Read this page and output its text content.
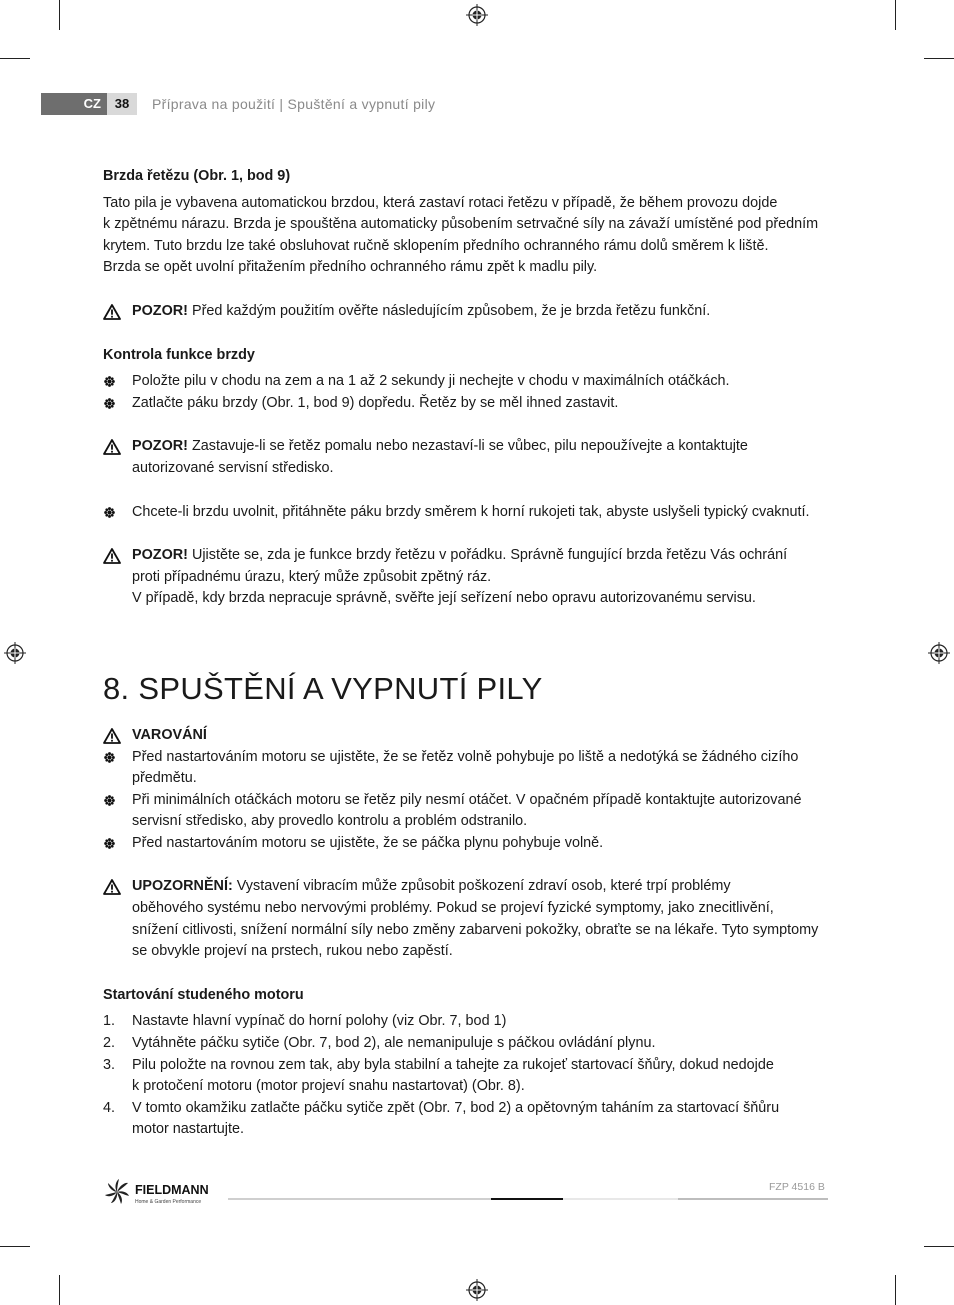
CZ	38	Příprava na použití | Spuštění a vypnutí pily

Brzda řetězu (Obr. 1, bod 9)

Tato pila je vybavena automatickou brzdou, která zastaví rotaci řetězu v případě, že během provozu dojde

k zpětnému nárazu. Brzda je spouštěna automaticky působením setrvačné síly na závaží umístěné pod předním

krytem. Tuto brzdu lze také obsluhovat ručně sklopením předního ochranného rámu dolů směrem k liště.

Brzda se opět uvolní přitažením předního ochranného rámu zpět k madlu pily.

POZOR! Před každým použitím ověřte následujícím způsobem, že je brzda řetězu funkční.

Kontrola funkce brzdy

Položte pilu v chodu na zem a na 1 až 2 sekundy ji nechejte v chodu v maximálních otáčkách.
Zatlačte páku brzdy (Obr. 1, bod 9) dopředu. Řetěz by se měl ihned zastavit.
POZOR! Zastavuje-li se řetěz pomalu nebo nezastaví-li se vůbec, pilu nepoužívejte a kontaktujte
autorizované servisní středisko.
Chcete-li brzdu uvolnit, přitáhněte páku brzdy směrem k horní rukojeti tak, abyste uslyšeli typický cvaknutí.
POZOR! Ujistěte se, zda je funkce brzdy řetězu v pořádku. Správně fungující brzda řetězu Vás ochrání
proti případnému úrazu, který může způsobit zpětný ráz.
V případě, kdy brzda nepracuje správně, svěřte její seřízení nebo opravu autorizovanému servisu.
8. SPUŠTĚNÍ A VYPNUTÍ PILY
VAROVÁNÍ
Před nastartováním motoru se ujistěte, že se řetěz volně pohybuje po liště a nedotýká se žádného cizího
předmětu.
Při minimálních otáčkách motoru se řetěz pily nesmí otáčet. V opačném případě kontaktujte autorizované
servisní středisko, aby provedlo kontrolu a problém odstranilo.
Před nastartováním motoru se ujistěte, že se páčka plynu pohybuje volně.
UPOZORNĚNÍ: Vystavení vibracím může způsobit poškození zdraví osob, které trpí problémy
oběhového systému nebo nervovými problémy. Pokud se projeví fyzické symptomy, jako znecitlivění,
snížení citlivosti, snížení normální síly nebo změny zabarveni pokožky, obraťte se na lékaře. Tyto symptomy
se obvykle projeví na prstech, rukou nebo zapěstí.

Startování studeného motoru

1. Nastavte hlavní vypínač do horní polohy (viz Obr. 7, bod 1)
2. Vytáhněte páčku sytiče (Obr. 7, bod 2), ale nemanipuluje s páčkou ovládání plynu.
3. Pilu položte na rovnou zem tak, aby byla stabilní a tahejte za rukojeť startovací šňůry, dokud nedojde
k protočení motoru (motor projeví snahu nastartovat) (Obr. 8).
4. V tomto okamžiku zatlačte páčku sytiče zpět (Obr. 7, bod 2) a opětovným taháním za startovací šňůru
motor nastartujte.
FIELDMANN
Home & Garden Performance
FZP 4516 B
